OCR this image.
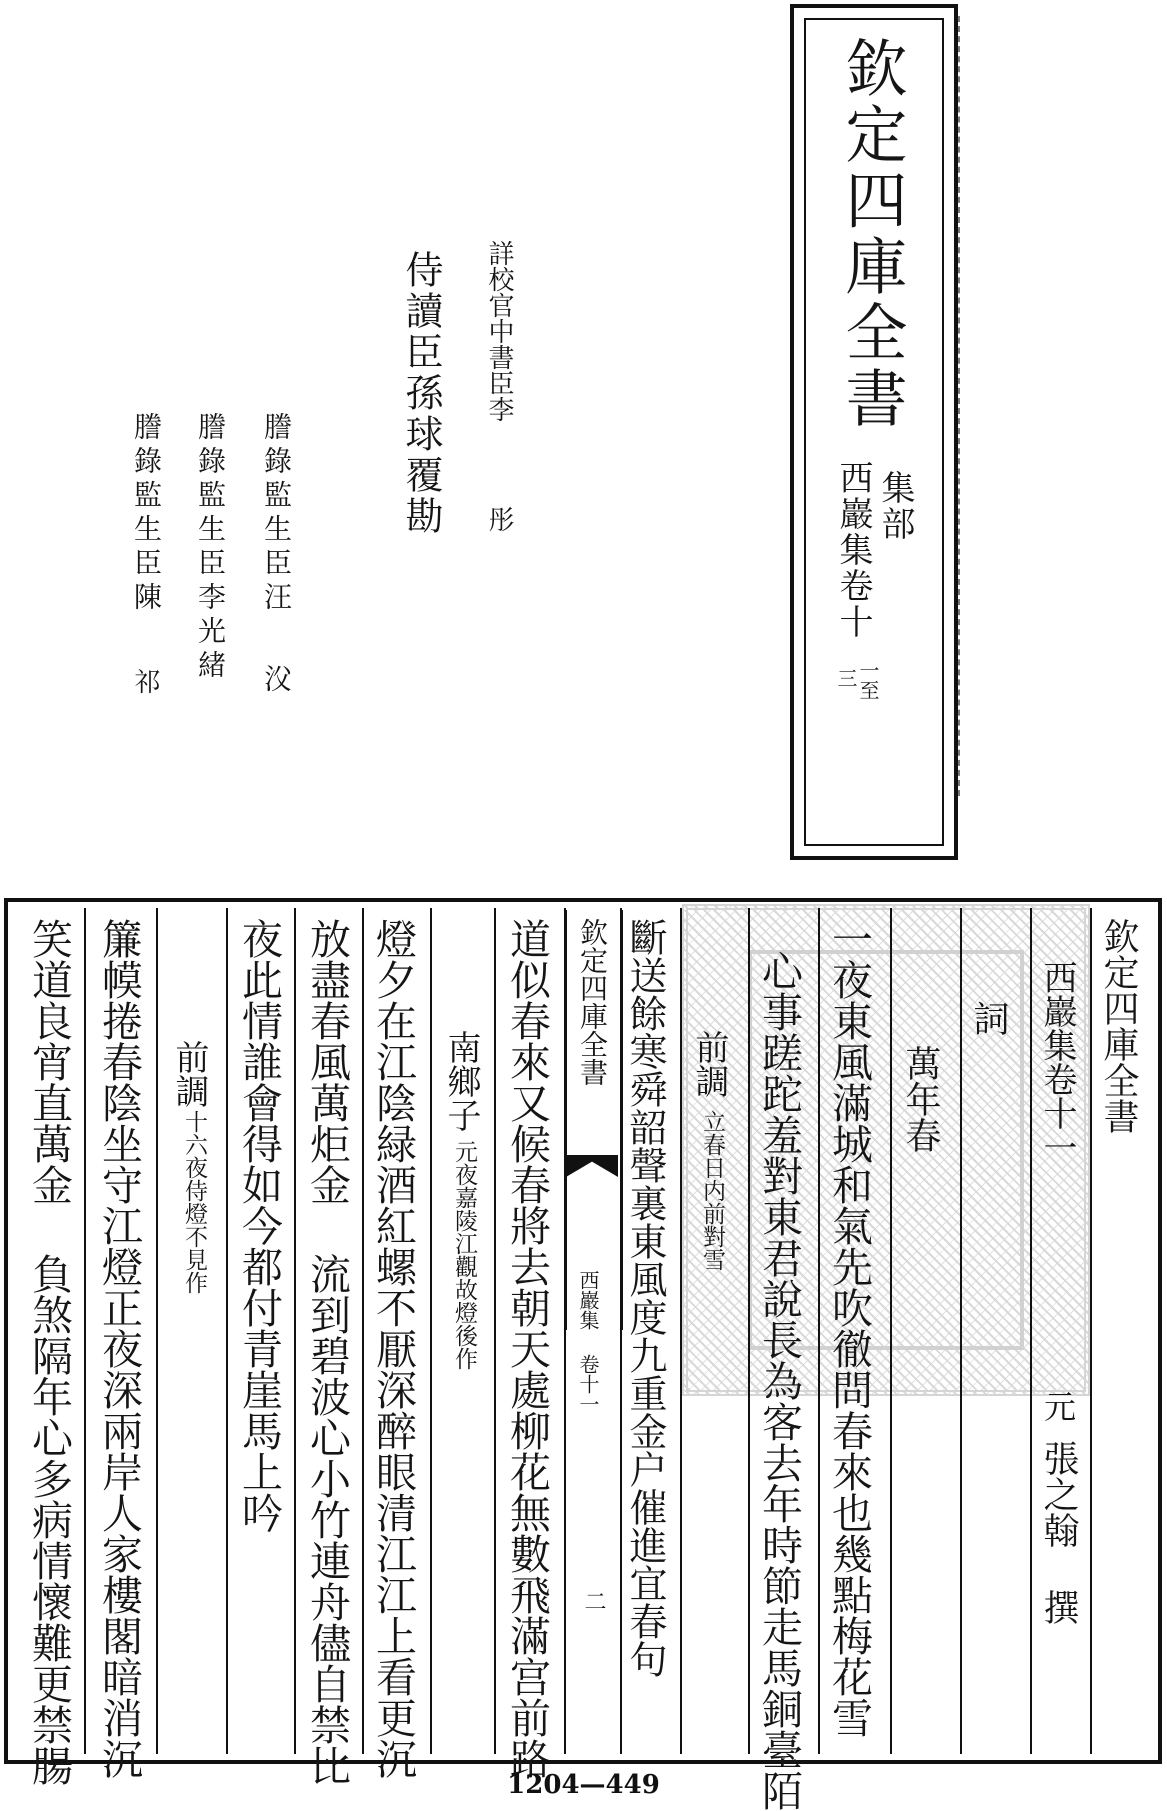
欽定四庫全書
集部
西巖集卷十
一至
三
詳校官中書臣李
彤
侍讀臣孫球覆勘
謄錄監生臣汪
㳇
謄錄監生臣李光緒
謄錄監生臣陳
祁
欽定四庫全書
西巖集 卷十一
二
欽定四庫全書
西巖集卷十一
元
張之翰 撰
詞
萬年春
一夜東風滿城和氣先吹徹問春來也幾點梅花雪
心事蹉跎羞對東君說長為客去年時節走馬銅臺陌
前調
立春日内前對雪
斷送餘寒舜韶聲裏東風度九重金户催進宜春句
道似春來又候春將去朝天處柳花無數飛滿宫前路
南鄉子
元夜嘉陵江觀故燈後作
燈夕在江陰緑酒紅螺不厭深醉眼清江江上看更沉
放盡春風萬炬金 流到碧波心小竹連舟儘自禁比
夜此情誰會得如今都付青崖馬上吟
前調
十六夜侍燈不見作
簾幙捲春陰坐守江燈正夜深兩岸人家樓閣暗消沉
笑道良宵直萬金 負煞隔年心多病情懷難更禁腸	1204—449
